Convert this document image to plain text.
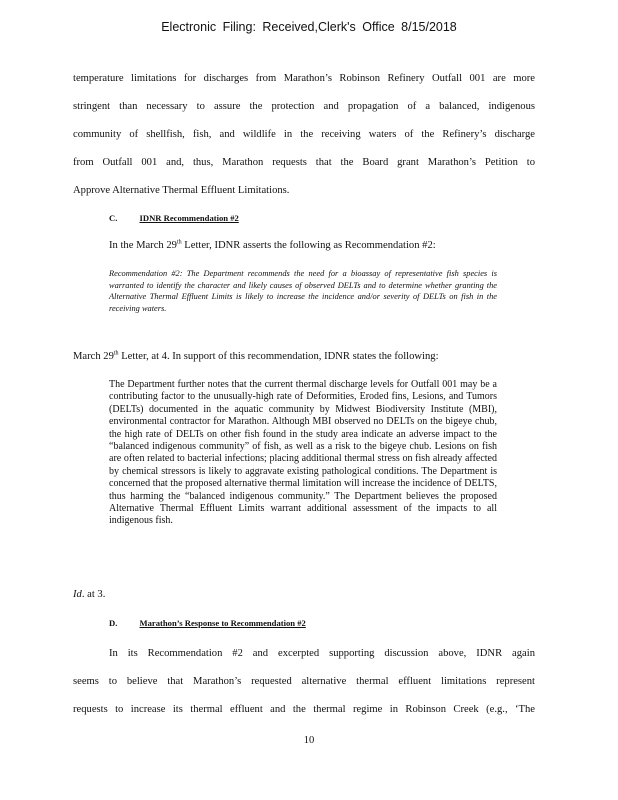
Electronic Filing: Received,Clerk's Office 8/15/2018

temperature limitations for discharges from Marathon’s Robinson Refinery Outfall 001 are more

stringent than necessary to assure the protection and propagation of a balanced, indigenous

community of shellfish, fish, and wildlife in the receiving waters of the Refinery’s discharge

from Outfall 001 and, thus, Marathon requests that the Board grant Marathon’s Petition to

Approve Alternative Thermal Effluent Limitations.

C.	IDNR Recommendation #2
In the March 29th Letter, IDNR asserts the following as Recommendation #2:
Recommendation #2: The Department recommends the need for a bioassay of representative fish species is warranted to identify the character and likely causes of observed DELTs and to determine whether granting the Alternative Thermal Effluent Limits is likely to increase the incidence and/or severity of DELTs on fish in the receiving waters.
March 29th Letter, at 4. In support of this recommendation, IDNR states the following:
The Department further notes that the current thermal discharge levels for Outfall 001 may be a contributing factor to the unusually-high rate of Deformities, Eroded fins, Lesions, and Tumors (DELTs) documented in the aquatic community by Midwest Biodiversity Institute (MBI), environmental contractor for Marathon. Although MBI observed no DELTs on the bigeye chub, the high rate of DELTs on other fish found in the study area indicate an adverse impact to the “balanced indigenous community” of fish, as well as a risk to the bigeye chub. Lesions on fish are often related to bacterial infections; placing additional thermal stress on fish already affected by chemical stressors is likely to aggravate existing pathological conditions. The Department is concerned that the proposed alternative thermal limitation will increase the incidence of DELTS, thus harming the “balanced indigenous community.” The Department believes the proposed Alternative Thermal Effluent Limits warrant additional assessment of the impacts to all indigenous fish.
Id. at 3.
D.	Marathon’s Response to Recommendation #2

In its Recommendation #2 and excerpted supporting discussion above, IDNR again

seems to believe that Marathon’s requested alternative thermal effluent limitations represent

requests to increase its thermal effluent and the thermal regime in Robinson Creek (e.g., ‘The

10
